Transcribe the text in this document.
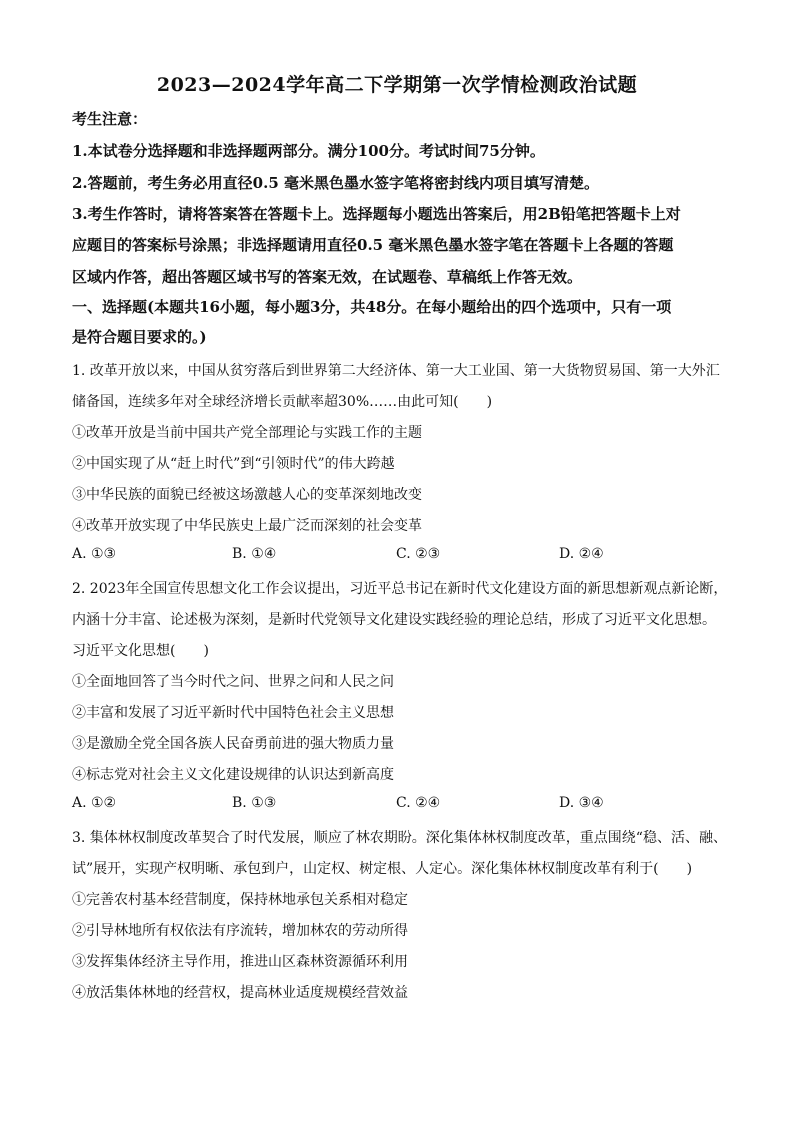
2023—2024学年高二下学期第一次学情检测政治试题
考生注意：
1.本试卷分选择题和非选择题两部分。满分100分。考试时间75分钟。
2.答题前，考生务必用直径0.5 毫米黑色墨水签字笔将密封线内项目填写清楚。
3.考生作答时，请将答案答在答题卡上。选择题每小题选出答案后，用2B铅笔把答题卡上对
应题目的答案标号涂黑；非选择题请用直径0.5 毫米黑色墨水签字笔在答题卡上各题的答题
区域内作答，超出答题区域书写的答案无效，在试题卷、草稿纸上作答无效。
一、选择题(本题共16小题，每小题3分，共48分。在每小题给出的四个选项中，只有一项
是符合题目要求的。)
1. 改革开放以来，中国从贫穷落后到世界第二大经济体、第一大工业国、第一大货物贸易国、第一大外汇
储备国，连续多年对全球经济增长贡献率超30%……由此可知(　　)
①改革开放是当前中国共产党全部理论与实践工作的主题
②中国实现了从“赶上时代”到“引领时代”的伟大跨越
③中华民族的面貌已经被这场激越人心的变革深刻地改变
④改革开放实现了中华民族史上最广泛而深刻的社会变革
A. ①③	B. ①④	C. ②③	D. ②④
2. 2023年全国宣传思想文化工作会议提出，习近平总书记在新时代文化建设方面的新思想新观点新论断，
内涵十分丰富、论述极为深刻，是新时代党领导文化建设实践经验的理论总结，形成了习近平文化思想。
习近平文化思想(　　)
①全面地回答了当今时代之问、世界之问和人民之问
②丰富和发展了习近平新时代中国特色社会主义思想
③是激励全党全国各族人民奋勇前进的强大物质力量
④标志党对社会主义文化建设规律的认识达到新高度
A. ①②	B. ①③	C. ②④	D. ③④
3. 集体林权制度改革契合了时代发展，顺应了林农期盼。深化集体林权制度改革，重点围绕“稳、活、融、
试”展开，实现产权明晰、承包到户，山定权、树定根、人定心。深化集体林权制度改革有利于(　　)
①完善农村基本经营制度，保持林地承包关系相对稳定
②引导林地所有权依法有序流转，增加林农的劳动所得
③发挥集体经济主导作用，推进山区森林资源循环利用
④放活集体林地的经营权，提高林业适度规模经营效益
